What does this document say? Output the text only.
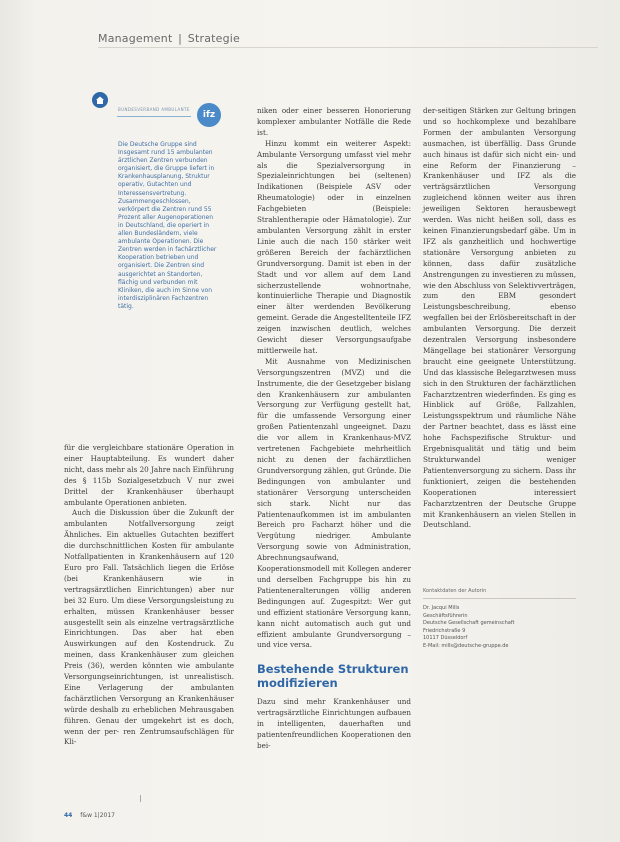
Management | Strategie
BUNDESVERBAND AMBULANTE
ifz
Die Deutsche Gruppe sind Insgesamt rund 15 ambulanten ärztlichen Zentren verbunden organisiert, die Gruppe liefert in Krankenhausplanung, Struktur operativ, Gutachten und Interessensvertretung. Zusammengeschlossen, verkörpert die Zentren rund 55 Prozent aller Augenoperationen in Deutschland, die operiert in allen Bundesländern, viele ambulante Operationen. Die Zentren werden in fachärztlicher Kooperation betrieben und organisiert. Die Zentren sind ausgerichtet an Standorten, flächig und verbunden mit Kliniken, die auch im Sinne von interdisziplinären Fachzentren tätig.

für die vergleichbare stationäre Operation in einer Hauptabteilung. Es wundert daher nicht, dass mehr als 20 Jahre nach Einführung des § 115b Sozialgesetzbuch V nur zwei Drittel der Krankenhäuser überhaupt ambulante Operationen anbieten.

Auch die Diskussion über die Zukunft der ambulanten Notfallversorgung zeigt Ähnliches. Ein aktuelles Gutachten beziffert die durchschnittlichen Kosten für ambulante Notfallpatienten in Krankenhäusern auf 120 Euro pro Fall. Tatsächlich liegen die Erlöse (bei Krankenhäusern wie in vertragsärztlichen Einrichtungen) aber nur bei 32 Euro. Um diese Versorgungsleistung zu erhalten, müssen Krankenhäuser besser ausgestellt sein als einzelne vertragsärztliche Einrichtungen. Das aber hat eben Auswirkungen auf den Kostendruck. Zu meinen, dass Krankenhäuser zum gleichen Preis (36), werden könnten wie ambulante Versorgungseinrichtungen, ist unrealistisch. Eine Verlagerung der ambulanten fachärztlichen Versorgung an Krankenhäuser würde deshalb zu erheblichen Mehrausgaben führen. Genau der umgekehrt ist es doch, wenn der per- ren Zentrumsaufschlägen für Kli-

niken oder einer besseren Honorierung komplexer ambulanter Notfälle die Rede ist.

Hinzu kommt ein weiterer Aspekt: Ambulante Versorgung umfasst viel mehr als die Spezialversorgung in Spezialeinrichtungen bei (seltenen) Indikationen (Beispiele ASV oder Rheumatologie) oder in einzelnen Fachgebieten (Beispiele: Strahlentherapie oder Hämatologie). Zur ambulanten Versorgung zählt in erster Linie auch die nach 150 stärker weit größeren Bereich der fachärztlichen Grundversorgung. Damit ist eben in der Stadt und vor allem auf dem Land sicherzustellende wohnortnahe, kontinuierliche Therapie und Diagnostik einer älter werdenden Bevölkerung gemeint. Gerade die Angestelltenteile IFZ zeigen inzwischen deutlich, welches Gewicht dieser Versorgungsaufgabe mittlerweile hat.

Mit Ausnahme von Medizinischen Versorgungszentren (MVZ) und die Instrumente, die der Gesetzgeber bislang den Krankenhäusern zur ambulanten Versorgung zur Verfügung gestellt hat, für die umfassende Versorgung einer großen Patientenzahl ungeeignet. Dazu die vor allem in Krankenhaus-MVZ vertretenen Fachgebiete mehrheitlich nicht zu denen der fachärztlichen Grundversorgung zählen, gut Gründe. Die Bedingungen von ambulanter und stationärer Versorgung unterscheiden sich stark. Nicht nur das Patientenaufkommen ist im ambulanten Bereich pro Facharzt höher und die Vergütung niedriger. Ambulante Versorgung sowie von Administration, Abrechnungsaufwand, Kooperationsmodell mit Kollegen anderer und derselben Fachgruppe bis hin zu Patienteneralterungen völlig anderen Bedingungen auf. Zugespitzt: Wer gut und effizient stationäre Versorgung kann, kann nicht automatisch auch gut und effizient ambulante Grundversorgung – und vice versa.

Bestehende Strukturen modifizieren

Dazu sind mehr Krankenhäuser und vertragsärztliche Einrichtungen aufbauen in intelligenten, dauerhaften und patientenfreundlichen Kooperationen den bei-

der-seitigen Stärken zur Geltung bringen und so hochkomplexe und bezahlbare Formen der ambulanten Versorgung ausmachen, ist überfällig. Dass Grunde auch hinaus ist dafür sich nicht ein- und eine Reform der Finanzierung – Krankenhäuser und IFZ als die verträgsärztlichen Versorgung zugleichend können weiter aus ihren jeweiligen Sektoren herausbewegt werden. Was nicht heißen soll, dass es keinen Finanzierungsbedarf gäbe. Um in IFZ als ganzheitlich und hochwertige stationäre Versorgung anbieten zu können, dass dafür zusätzliche Anstrengungen zu investieren zu müssen, wie den Abschluss von Selektivverträgen, zum den EBM gesondert Leistungsbeschreibung, ebenso wegfallen bei der Erlösbereitschaft in der ambulanten Versorgung. Die derzeit dezentralen Versorgung insbesondere Mängellage bei stationärer Versorgung braucht eine geeignete Unterstützung. Und das klassische Belegarztwesen muss sich in den Strukturen der fachärztlichen Facharztzentren wiederfinden. Es ging es Hinblick auf Größe, Fallzahlen, Leistungsspektrum und räumliche Nähe der Partner beachtet, dass es lässt eine hohe Fachspezifische Struktur- und Ergebnisqualität und tätig und beim Strukturwandel weniger Patientenversorgung zu sichern. Dass ihr funktioniert, zeigen die bestehenden Kooperationen interessiert Facharztzentren der Deutsche Gruppe mit Krankenhäusern an vielen Stellen in Deutschland.

Kontaktdaten der Autorin
Dr. Jacqui Mills
Geschäftsführerin
Deutsche Gesellschaft gemeinschaft
Friedrichstraße 9
10117 Düsseldorf
E-Mail: mills@deutsche-gruppe.de
44 f&w 1|2017
